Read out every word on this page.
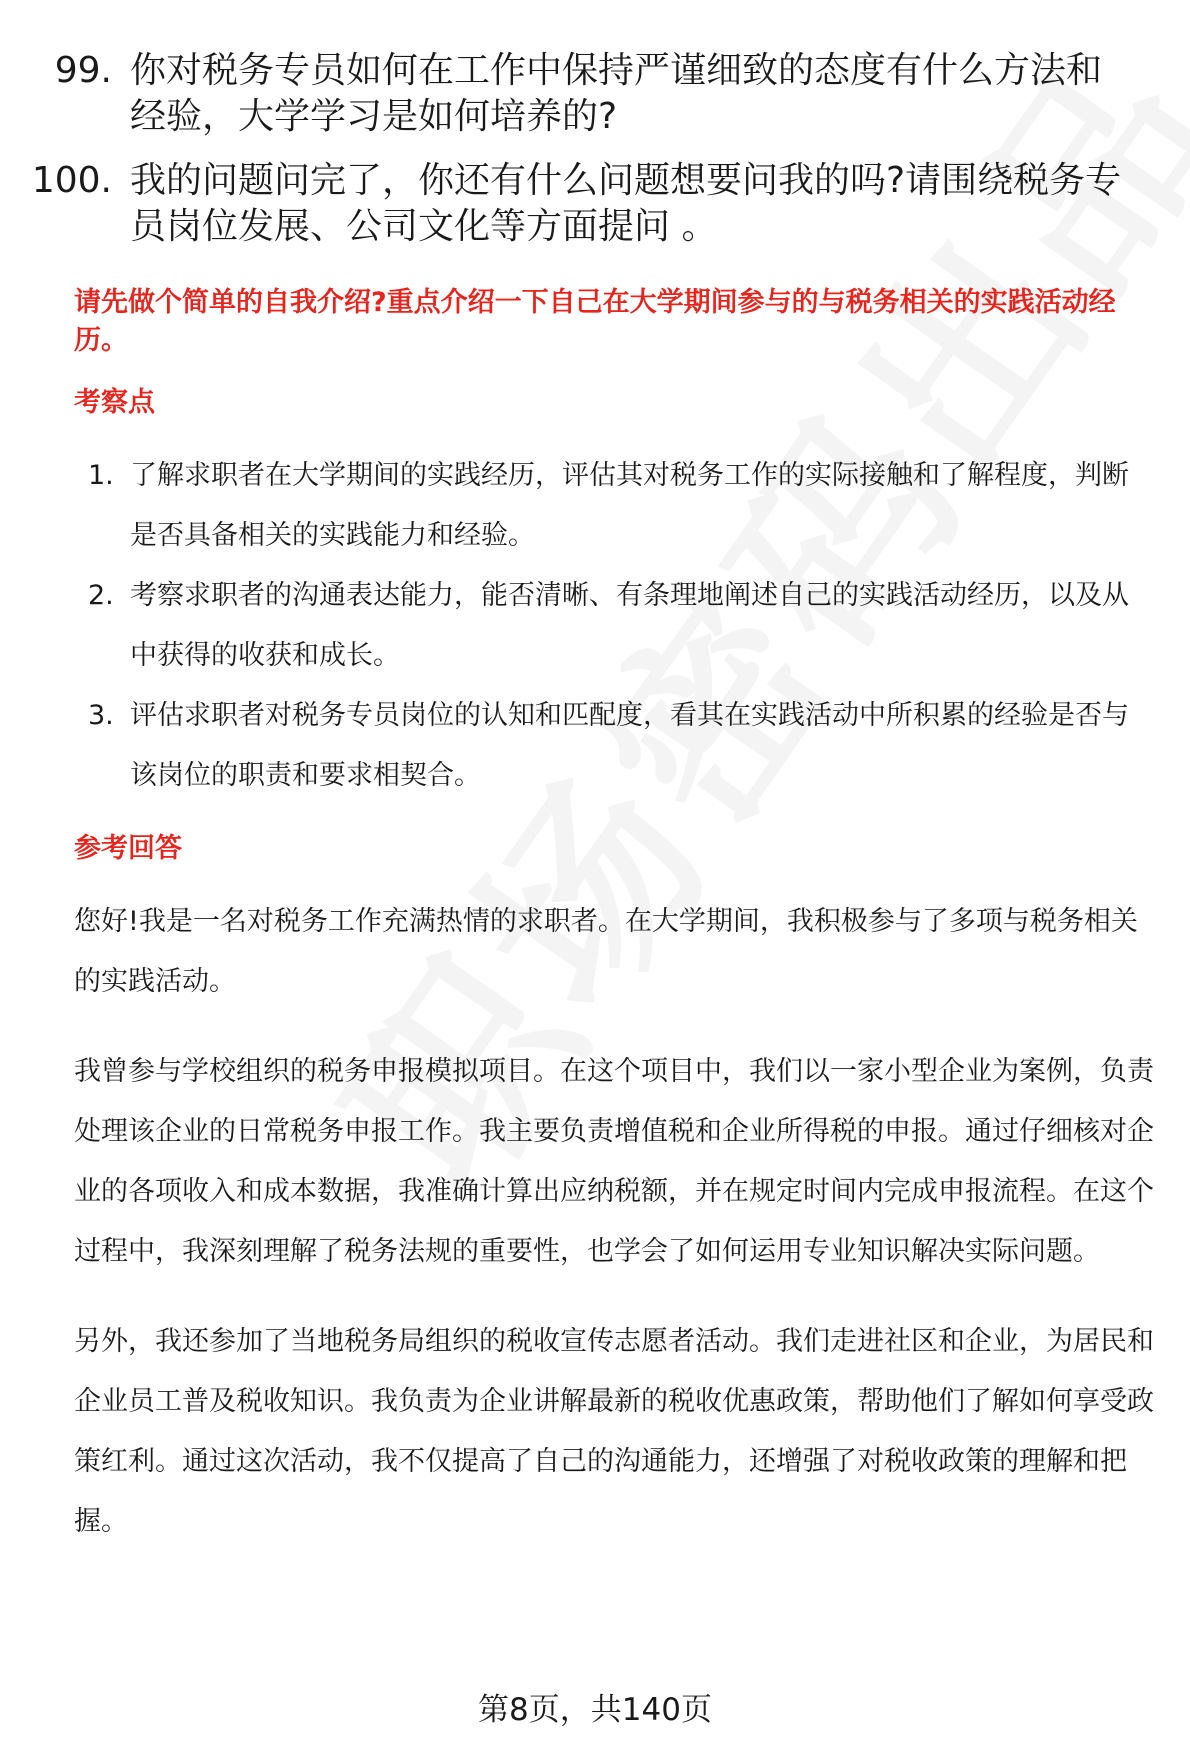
99. 你对税务专员如何在工作中保持严谨细致的态度有什么方法和经验，大学学习是如何培养的?
100. 我的问题问完了，你还有什么问题想要问我的吗?请围绕税务专员岗位发展、公司文化等方面提问 。
请先做个简单的自我介绍?重点介绍一下自己在大学期间参与的与税务相关的实践活动经历。
考察点
1. 了解求职者在大学期间的实践经历，评估其对税务工作的实际接触和了解程度，判断是否具备相关的实践能力和经验。
2. 考察求职者的沟通表达能力，能否清晰、有条理地阐述自己的实践活动经历，以及从中获得的收获和成长。
3. 评估求职者对税务专员岗位的认知和匹配度，看其在实践活动中所积累的经验是否与该岗位的职责和要求相契合。
参考回答
您好!我是一名对税务工作充满热情的求职者。在大学期间，我积极参与了多项与税务相关的实践活动。
我曾参与学校组织的税务申报模拟项目。在这个项目中，我们以一家小型企业为案例，负责处理该企业的日常税务申报工作。我主要负责增值税和企业所得税的申报。通过仔细核对企业的各项收入和成本数据，我准确计算出应纳税额，并在规定时间内完成申报流程。在这个过程中，我深刻理解了税务法规的重要性，也学会了如何运用专业知识解决实际问题。
另外，我还参加了当地税务局组织的税收宣传志愿者活动。我们走进社区和企业，为居民和企业员工普及税收知识。我负责为企业讲解最新的税收优惠政策，帮助他们了解如何享受政策红利。通过这次活动，我不仅提高了自己的沟通能力，还增强了对税收政策的理解和把握。
第8页，共140页
